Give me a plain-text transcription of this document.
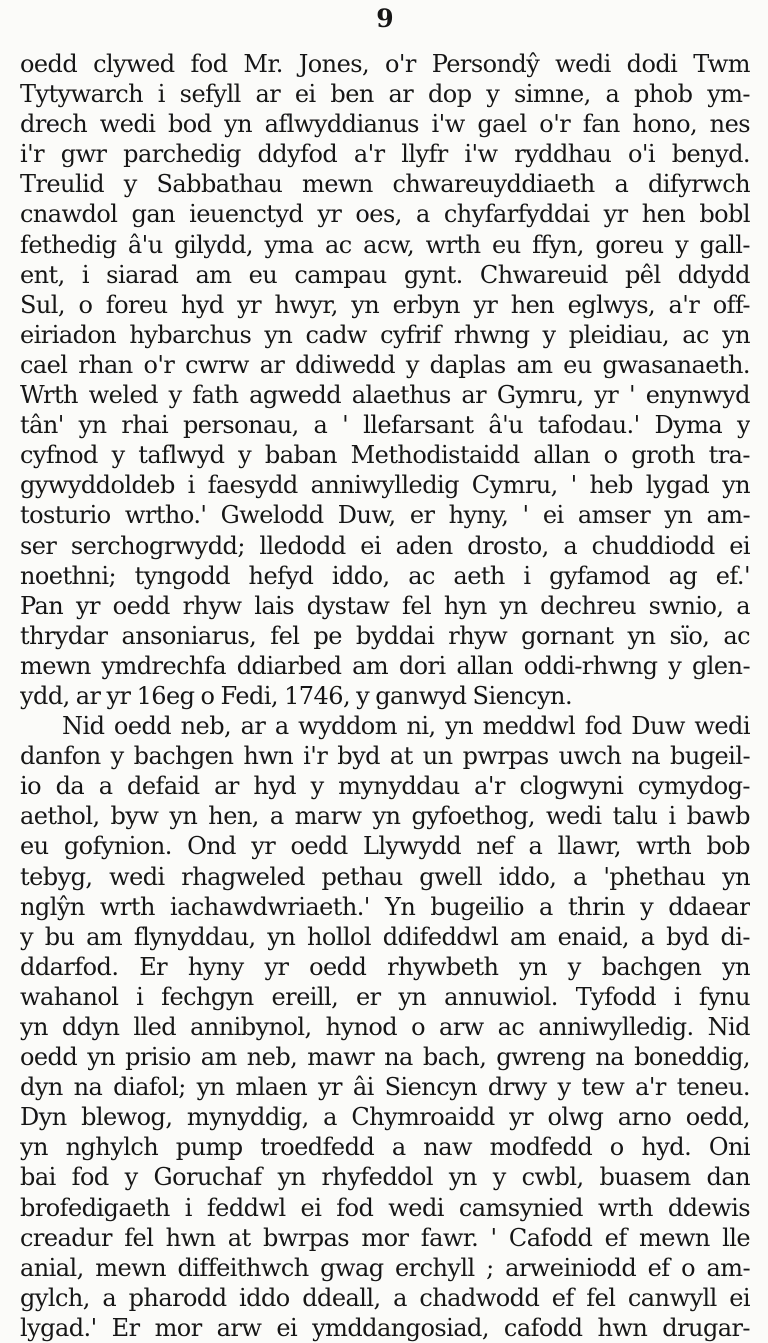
9
oedd clywed fod Mr. Jones, o'r Persondŷ wedi dodi Twm
Tytywarch i sefyll ar ei ben ar dop y simne, a phob ym-
drech wedi bod yn aflwyddianus i'w gael o'r fan hono, nes
i'r gwr parchedig ddyfod a'r llyfr i'w ryddhau o'i benyd.
Treulid y Sabbathau mewn chwareuyddiaeth a difyrwch
cnawdol gan ieuenctyd yr oes, a chyfarfyddai yr hen bobl
fethedig â'u gilydd, yma ac acw, wrth eu ffyn, goreu y gall-
ent, i siarad am eu campau gynt. Chwareuid pêl ddydd
Sul, o foreu hyd yr hwyr, yn erbyn yr hen eglwys, a'r off-
eiriadon hybarchus yn cadw cyfrif rhwng y pleidiau, ac yn
cael rhan o'r cwrw ar ddiwedd y daplas am eu gwasanaeth.
Wrth weled y fath agwedd alaethus ar Gymru, yr ' enynwyd
tân' yn rhai personau, a ' llefarsant â'u tafodau.' Dyma y
cyfnod y taflwyd y baban Methodistaidd allan o groth tra-
gywyddoldeb i faesydd anniwylledig Cymru, ' heb lygad yn
tosturio wrtho.' Gwelodd Duw, er hyny, ' ei amser yn am-
ser serchogrwydd; lledodd ei aden drosto, a chuddiodd ei
noethni; tyngodd hefyd iddo, ac aeth i gyfamod ag ef.'
Pan yr oedd rhyw lais dystaw fel hyn yn dechreu swnio, a
thrydar ansoniarus, fel pe byddai rhyw gornant yn sïo, ac
mewn ymdrechfa ddiarbed am dori allan oddi-rhwng y glen-
ydd, ar yr 16eg o Fedi, 1746, y ganwyd Siencyn.
Nid oedd neb, ar a wyddom ni, yn meddwl fod Duw wedi
danfon y bachgen hwn i'r byd at un pwrpas uwch na bugeil-
io da a defaid ar hyd y mynyddau a'r clogwyni cymydog-
aethol, byw yn hen, a marw yn gyfoethog, wedi talu i bawb
eu gofynion. Ond yr oedd Llywydd nef a llawr, wrth bob
tebyg, wedi rhagweled pethau gwell iddo, a 'phethau yn
nglŷn wrth iachawdwriaeth.' Yn bugeilio a thrin y ddaear
y bu am flynyddau, yn hollol ddifeddwl am enaid, a byd di-
ddarfod. Er hyny yr oedd rhywbeth yn y bachgen yn
wahanol i fechgyn ereill, er yn annuwiol. Tyfodd i fynu
yn ddyn lled annibynol, hynod o arw ac anniwylledig. Nid
oedd yn prisio am neb, mawr na bach, gwreng na boneddig,
dyn na diafol; yn mlaen yr âi Siencyn drwy y tew a'r teneu.
Dyn blewog, mynyddig, a Chymroaidd yr olwg arno oedd,
yn nghylch pump troedfedd a naw modfedd o hyd. Oni
bai fod y Goruchaf yn rhyfeddol yn y cwbl, buasem dan
brofedigaeth i feddwl ei fod wedi camsynied wrth ddewis
creadur fel hwn at bwrpas mor fawr. ' Cafodd ef mewn lle
anial, mewn diffeithwch gwag erchyll ; arweiniodd ef o am-
gylch, a pharodd iddo ddeall, a chadwodd ef fel canwyll ei
lygad.' Er mor arw ei ymddangosiad, cafodd hwn drugar-
